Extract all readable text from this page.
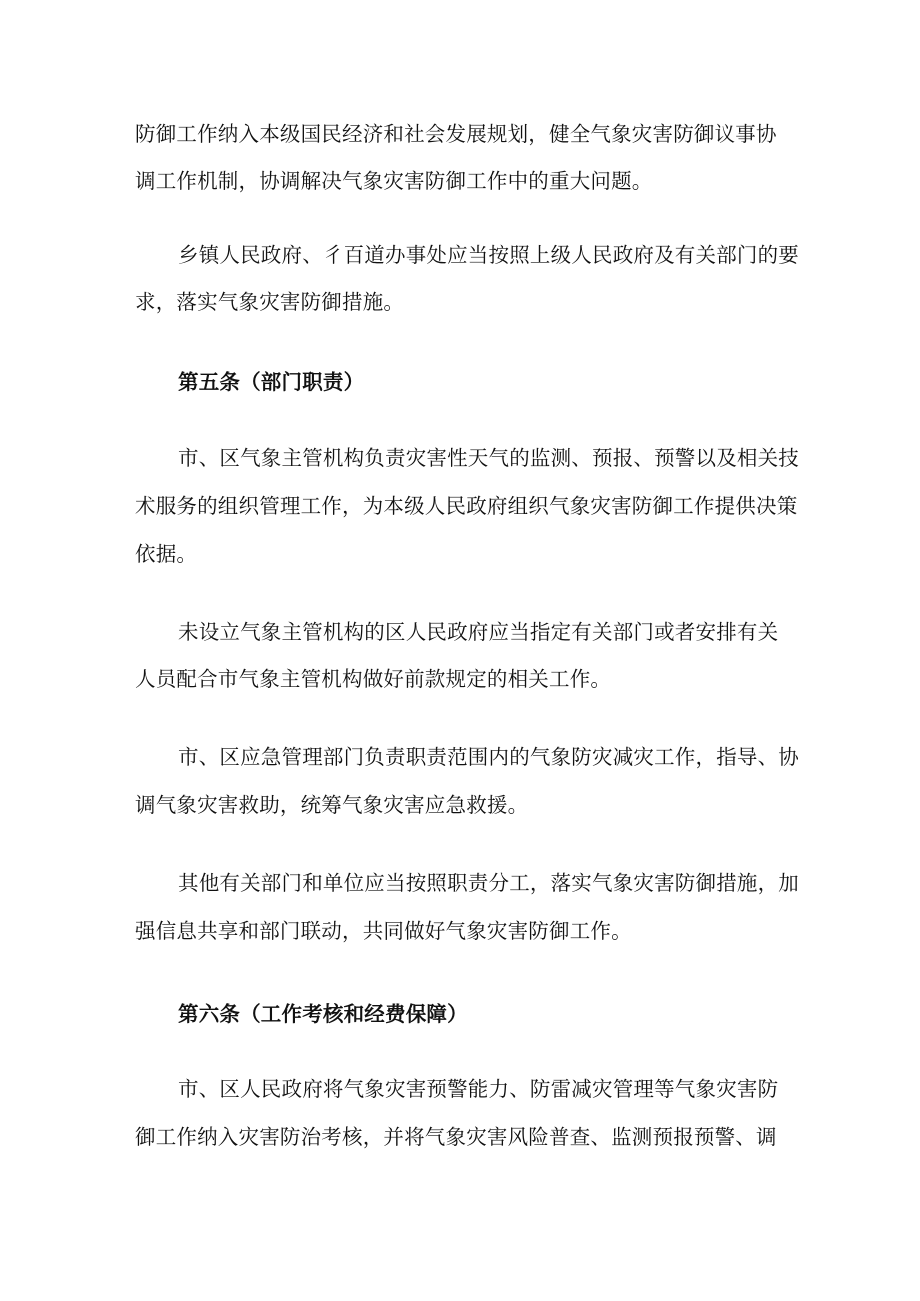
防御工作纳入本级国民经济和社会发展规划，健全气象灾害防御议事协
调工作机制，协调解决气象灾害防御工作中的重大问题。
乡镇人民政府、彳百道办事处应当按照上级人民政府及有关部门的要
求，落实气象灾害防御措施。
第五条（部门职责）
市、区气象主管机构负责灾害性天气的监测、预报、预警以及相关技
术服务的组织管理工作，为本级人民政府组织气象灾害防御工作提供决策
依据。
未设立气象主管机构的区人民政府应当指定有关部门或者安排有关
人员配合市气象主管机构做好前款规定的相关工作。
市、区应急管理部门负责职责范围内的气象防灾减灾工作，指导、协
调气象灾害救助，统筹气象灾害应急救援。
其他有关部门和单位应当按照职责分工，落实气象灾害防御措施，加
强信息共享和部门联动，共同做好气象灾害防御工作。
第六条（工作考核和经费保障）
市、区人民政府将气象灾害预警能力、防雷减灾管理等气象灾害防
御工作纳入灾害防治考核，并将气象灾害风险普查、监测预报预警、调
